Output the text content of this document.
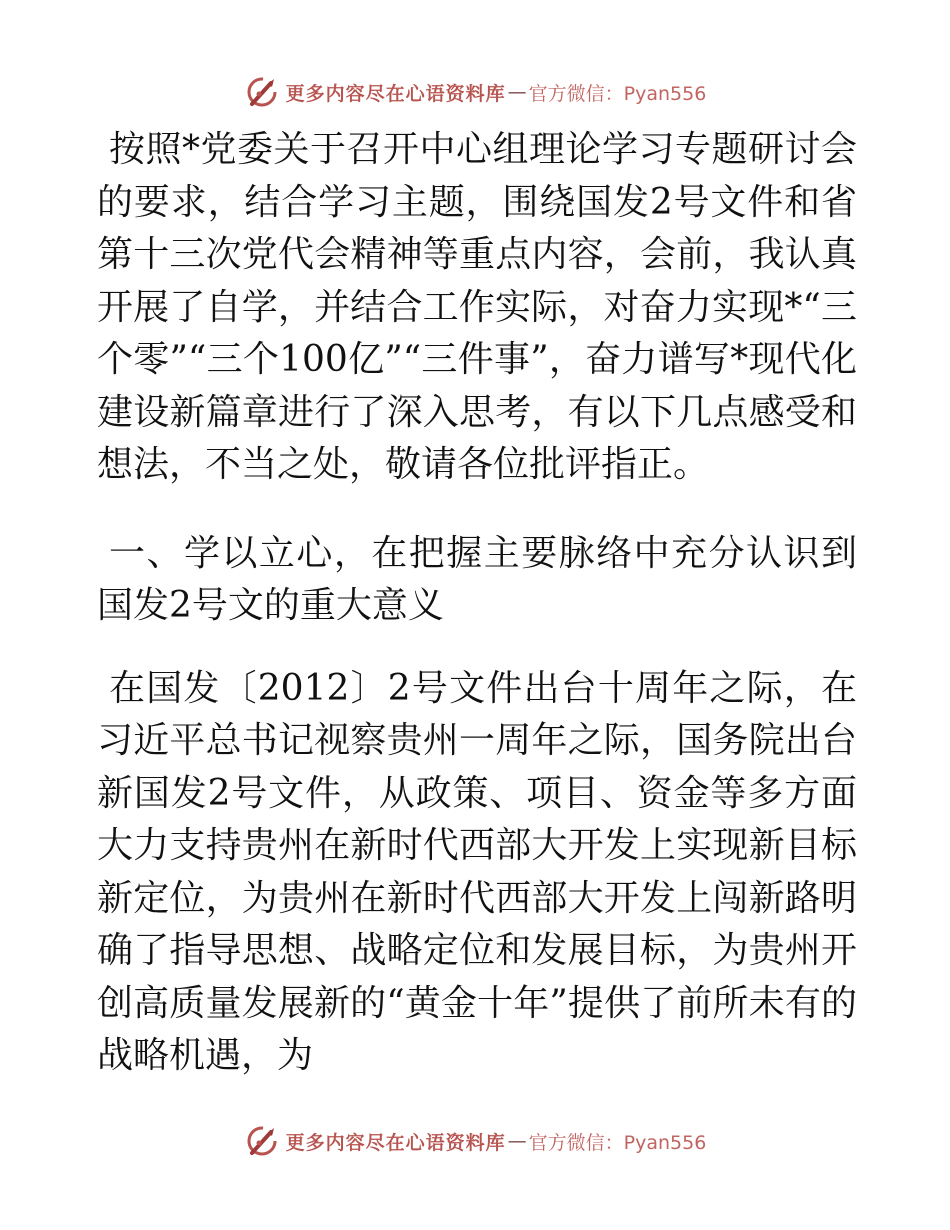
更多内容尽在心语资料库 — 官方微信：Pyan556

按照*党委关于召开中心组理论学习专题研讨会的要求，结合学习主题，围绕国发2号文件和省第十三次党代会精神等重点内容，会前，我认真开展了自学，并结合工作实际，对奋力实现*“三个零”“三个100亿”“三件事”，奋力谱写*现代化建设新篇章进行了深入思考，有以下几点感受和想法，不当之处，敬请各位批评指正。

一、学以立心，在把握主要脉络中充分认识到国发2号文的重大意义

在国发〔2012〕2号文件出台十周年之际，在习近平总书记视察贵州一周年之际，国务院出台新国发2号文件，从政策、项目、资金等多方面大力支持贵州在新时代西部大开发上实现新目标新定位，为贵州在新时代西部大开发上闯新路明确了指导思想、战略定位和发展目标，为贵州开创高质量发展新的“黄金十年”提供了前所未有的战略机遇，为

更多内容尽在心语资料库 — 官方微信：Pyan556
